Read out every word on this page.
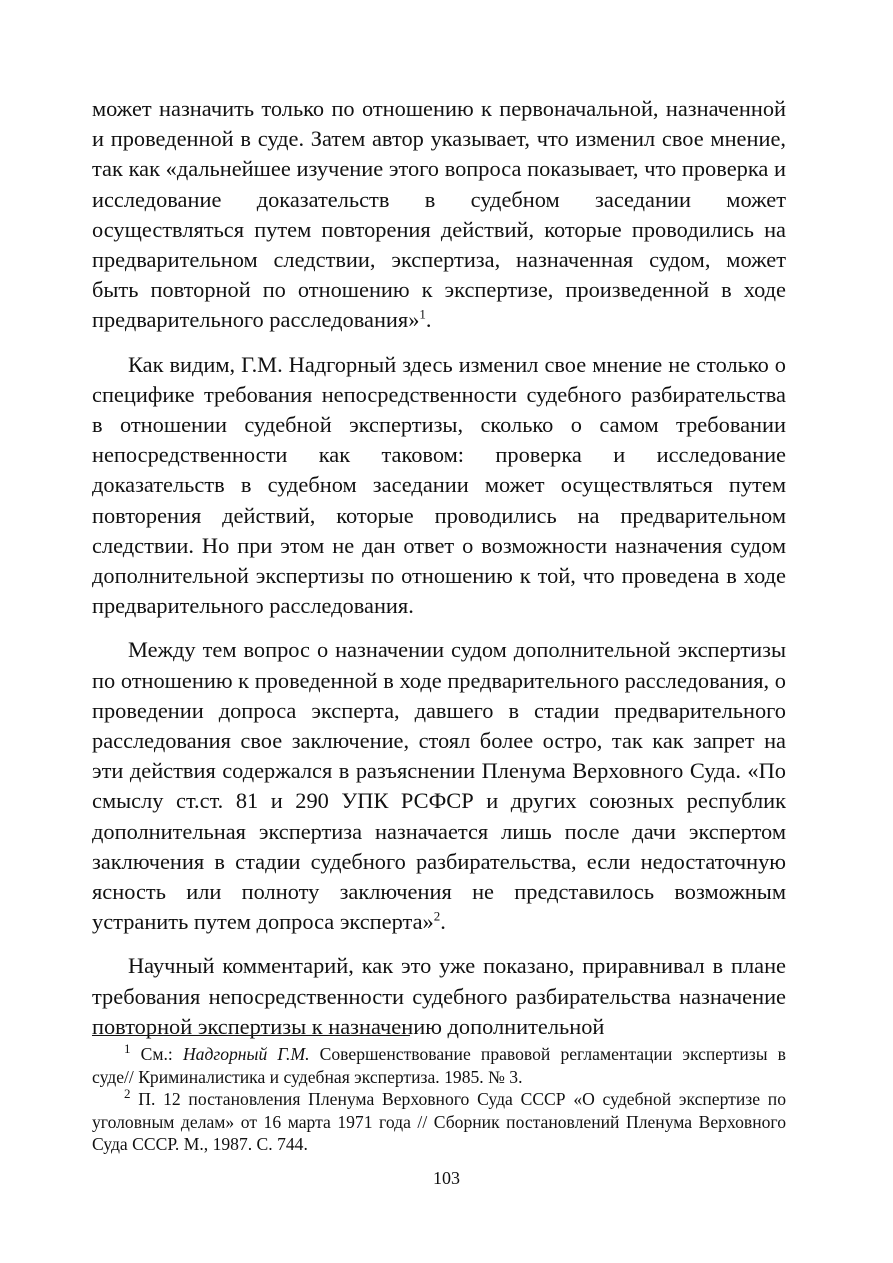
может назначить только по отношению к первоначальной, назначенной и проведенной в суде. Затем автор указывает, что изменил свое мнение, так как «дальнейшее изучение этого вопроса показывает, что проверка и исследование доказательств в судебном заседании может осуществляться путем повторения действий, которые проводились на предварительном следствии, экспертиза, назначенная судом, может быть повторной по отношению к экспертизе, произведенной в ходе предварительного расследования»$^1$.

Как видим, Г.М. Надгорный здесь изменил свое мнение не столько о специфике требования непосредственности судебного разбирательства в отношении судебной экспертизы, сколько о самом требовании непосредственности как таковом: проверка и исследование доказательств в судебном заседании может осуществляться путем повторения действий, которые проводились на предварительном следствии. Но при этом не дан ответ о возможности назначения судом дополнительной экспертизы по отношению к той, что проведена в ходе предварительного расследования.

Между тем вопрос о назначении судом дополнительной экспертизы по отношению к проведенной в ходе предварительного расследования, о проведении допроса эксперта, давшего в стадии предварительного расследования свое заключение, стоял более остро, так как запрет на эти действия содержался в разъяснении Пленума Верховного Суда. «По смыслу ст.ст. 81 и 290 УПК РСФСР и других союзных республик дополнительная экспертиза назначается лишь после дачи экспертом заключения в стадии судебного разбирательства, если недостаточную ясность или полноту заключения не представилось возможным устранить путем допроса эксперта»$^2$.

Научный комментарий, как это уже показано, приравнивал в плане требования непосредственности судебного разбирательства назначение повторной экспертизы к назначению дополнительной

$^1$ См.: Надгорный Г.М. Совершенствование правовой регламентации экспертизы в суде// Криминалистика и судебная экспертиза. 1985. № 3.

$^2$ П. 12 постановления Пленума Верховного Суда СССР «О судебной экспертизе по уголовным делам» от 16 марта 1971 года // Сборник постановлений Пленума Верховного Суда СССР. М., 1987. С. 744.

103
